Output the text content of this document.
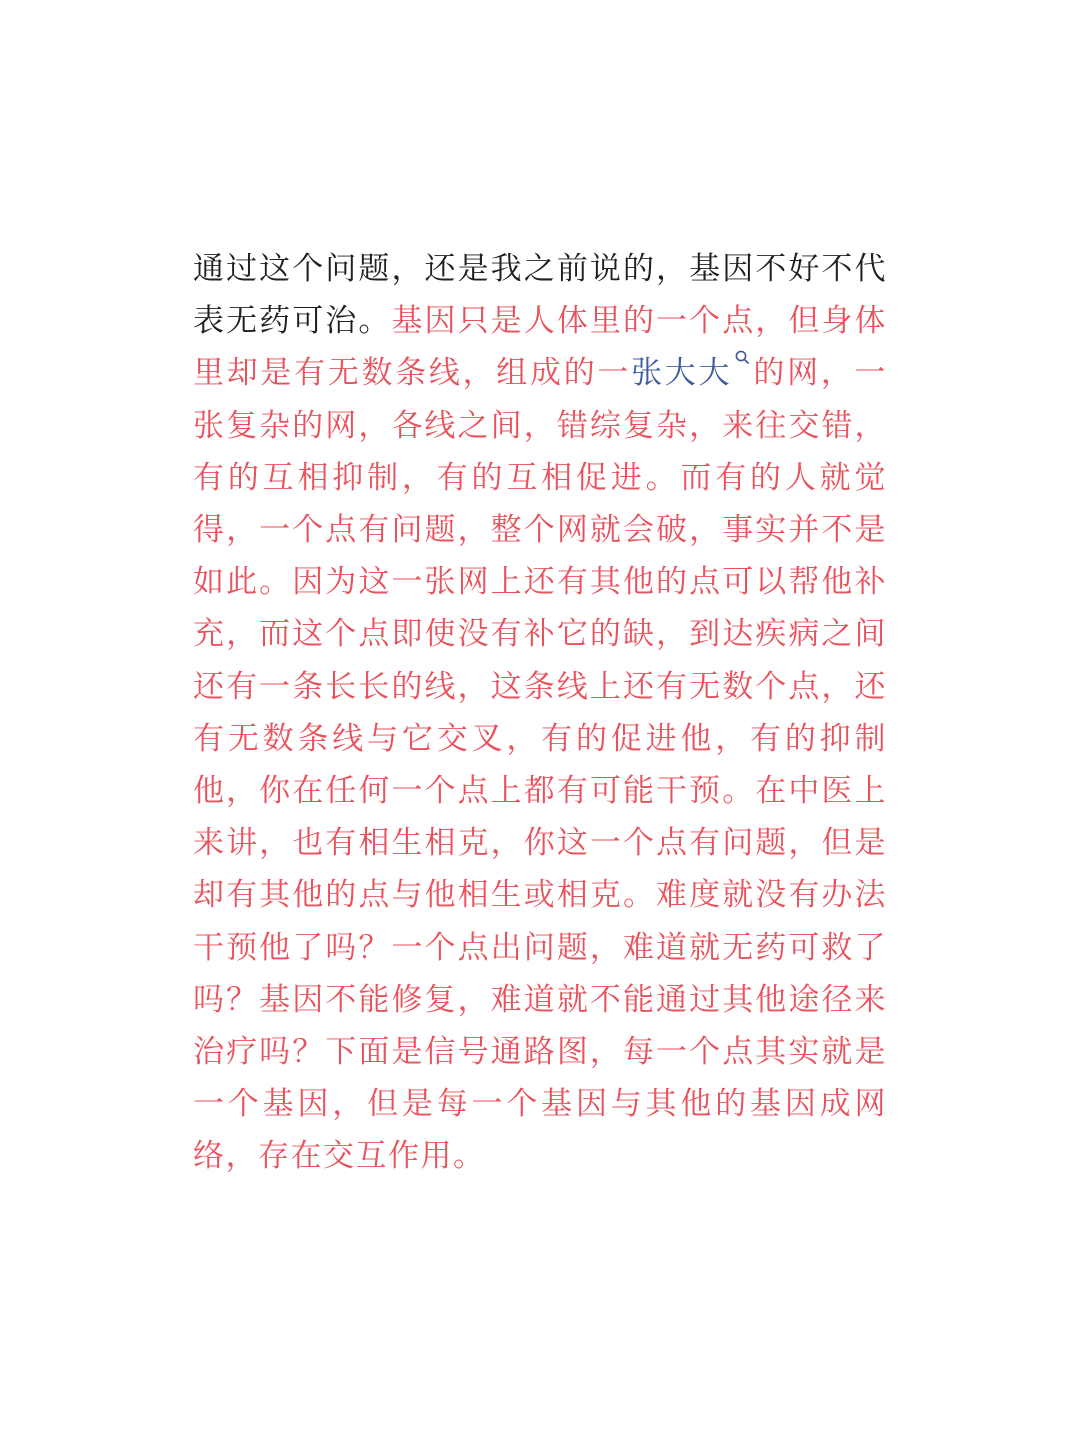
通过这个问题，还是我之前说的，基因不好不代表无药可治。基因只是人体里的一个点，但身体里却是有无数条线，组成的一张大大 的网，一张复杂的网，各线之间，错综复杂，来往交错，有的互相抑制，有的互相促进。而有的人就觉得，一个点有问题，整个网就会破，事实并不是如此。因为这一张网上还有其他的点可以帮他补充，而这个点即使没有补它的缺，到达疾病之间还有一条长长的线，这条线上还有无数个点，还有无数条线与它交叉，有的促进他，有的抑制他，你在任何一个点上都有可能干预。在中医上来讲，也有相生相克，你这一个点有问题，但是却有其他的点与他相生或相克。难度就没有办法干预他了吗？一个点出问题，难道就无药可救了吗？基因不能修复，难道就不能通过其他途径来治疗吗？下面是信号通路图，每一个点其实就是一个基因，但是每一个基因与其他的基因成网络，存在交互作用。
